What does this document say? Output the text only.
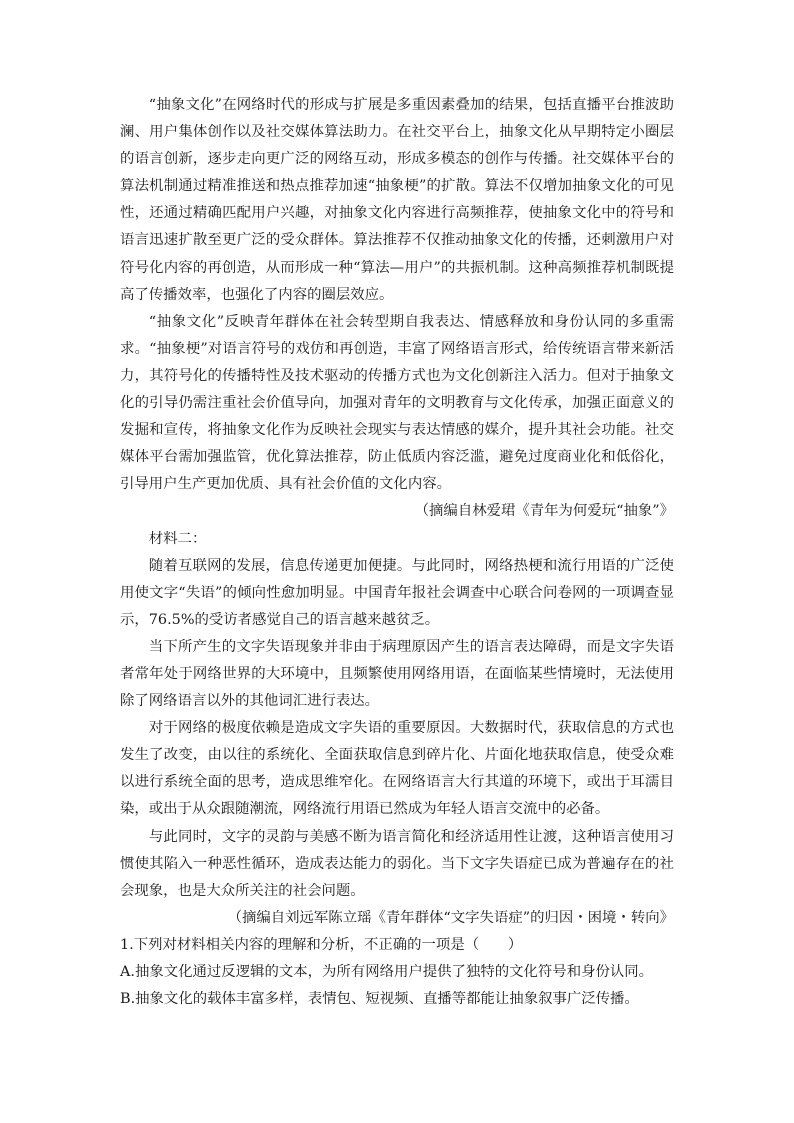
“抽象文化”在网络时代的形成与扩展是多重因素叠加的结果，包括直播平台推波助澜、用户集体创作以及社交媒体算法助力。在社交平台上，抽象文化从早期特定小圈层的语言创新，逐步走向更广泛的网络互动，形成多模态的创作与传播。社交媒体平台的算法机制通过精准推送和热点推荐加速“抽象梗”的扩散。算法不仅增加抽象文化的可见性，还通过精确匹配用户兴趣，对抽象文化内容进行高频推荐，使抽象文化中的符号和语言迅速扩散至更广泛的受众群体。算法推荐不仅推动抽象文化的传播，还刺激用户对符号化内容的再创造，从而形成一种“算法—用户”的共振机制。这种高频推荐机制既提高了传播效率，也强化了内容的圈层效应。

“抽象文化”反映青年群体在社会转型期自我表达、情感释放和身份认同的多重需求。“抽象梗”对语言符号的戏仿和再创造，丰富了网络语言形式，给传统语言带来新活力，其符号化的传播特性及技术驱动的传播方式也为文化创新注入活力。但对于抽象文化的引导仍需注重社会价值导向，加强对青年的文明教育与文化传承，加强正面意义的发掘和宣传，将抽象文化作为反映社会现实与表达情感的媒介，提升其社会功能。社交媒体平台需加强监管，优化算法推荐，防止低质内容泛滥，避免过度商业化和低俗化，引导用户生产更加优质、具有社会价值的文化内容。

（摘编自林爱珺《青年为何爱玩“抽象”》

材料二：

随着互联网的发展，信息传递更加便捷。与此同时，网络热梗和流行用语的广泛使用使文字“失语”的倾向性愈加明显。中国青年报社会调查中心联合问卷网的一项调查显示，76.5%的受访者感觉自己的语言越来越贫乏。

当下所产生的文字失语现象并非由于病理原因产生的语言表达障碍，而是文字失语者常年处于网络世界的大环境中，且频繁使用网络用语，在面临某些情境时，无法使用除了网络语言以外的其他词汇进行表达。

对于网络的极度依赖是造成文字失语的重要原因。大数据时代，获取信息的方式也发生了改变，由以往的系统化、全面获取信息到碎片化、片面化地获取信息，使受众难以进行系统全面的思考，造成思维窄化。在网络语言大行其道的环境下，或出于耳濡目染，或出于从众跟随潮流，网络流行用语已然成为年轻人语言交流中的必备。

与此同时，文字的灵韵与美感不断为语言简化和经济适用性让渡，这种语言使用习惯使其陷入一种恶性循环，造成表达能力的弱化。当下文字失语症已成为普遍存在的社会现象，也是大众所关注的社会问题。

（摘编自刘远军陈立瑶《青年群体“文字失语症”的归因・困境・转向》

1.下列对材料相关内容的理解和分析，不正确的一项是（　　）

A.抽象文化通过反逻辑的文本，为所有网络用户提供了独特的文化符号和身份认同。

B.抽象文化的载体丰富多样，表情包、短视频、直播等都能让抽象叙事广泛传播。
